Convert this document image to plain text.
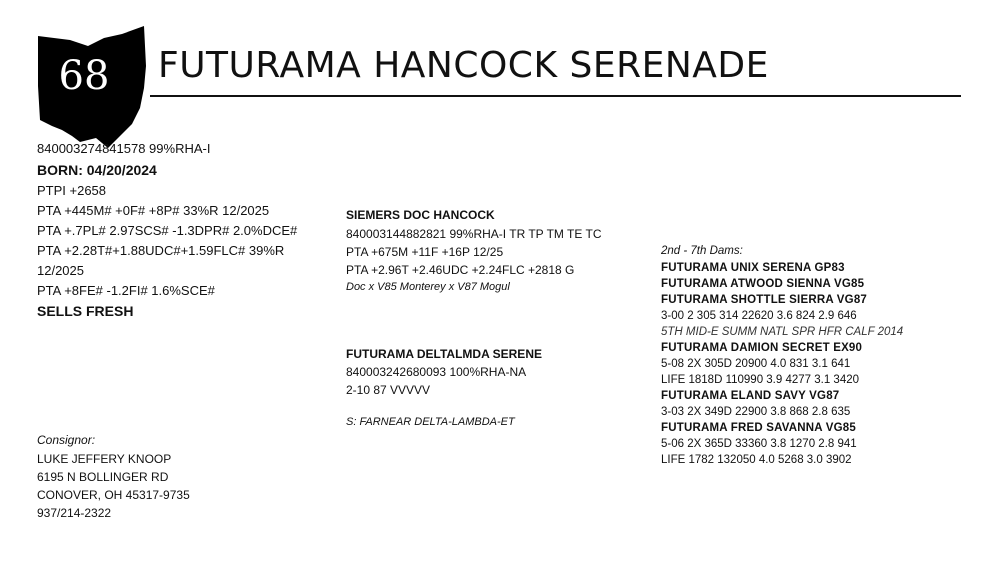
68 FUTURAMA HANCOCK SERENADE
840003274841578 99%RHA-I
BORN: 04/20/2024
PTPI +2658
PTA +445M# +0F# +8P# 33%R 12/2025
PTA +.7PL# 2.97SCS# -1.3DPR# 2.0%DCE#
PTA +2.28T#+1.88UDC#+1.59FLC# 39%R
12/2025
PTA +8FE# -1.2FI# 1.6%SCE#
SELLS FRESH
Consignor:
LUKE JEFFERY KNOOP
6195 N BOLLINGER RD
CONOVER, OH 45317-9735
937/214-2322
SIEMERS DOC HANCOCK
840003144882821 99%RHA-I TR TP TM TE TC
PTA +675M +11F +16P 12/25
PTA +2.96T +2.46UDC +2.24FLC +2818 G
Doc x V85 Monterey x V87 Mogul
FUTURAMA DELTALMDA SERENE
840003242680093 100%RHA-NA
2-10 87 VVVVV
S: FARNEAR DELTA-LAMBDA-ET
2nd - 7th Dams:
FUTURAMA UNIX SERENA GP83
FUTURAMA ATWOOD SIENNA VG85
FUTURAMA SHOTTLE SIERRA VG87
3-00 2 305 314 22620 3.6 824 2.9 646
5TH MID-E SUMM NATL SPR HFR CALF 2014
FUTURAMA DAMION SECRET EX90
5-08 2X 305D 20900 4.0 831 3.1 641
LIFE 1818D 110990 3.9 4277 3.1 3420
FUTURAMA ELAND SAVY VG87
3-03 2X 349D 22900 3.8 868 2.8 635
FUTURAMA FRED SAVANNA VG85
5-06 2X 365D 33360 3.8 1270 2.8 941
LIFE 1782 132050 4.0 5268 3.0 3902
